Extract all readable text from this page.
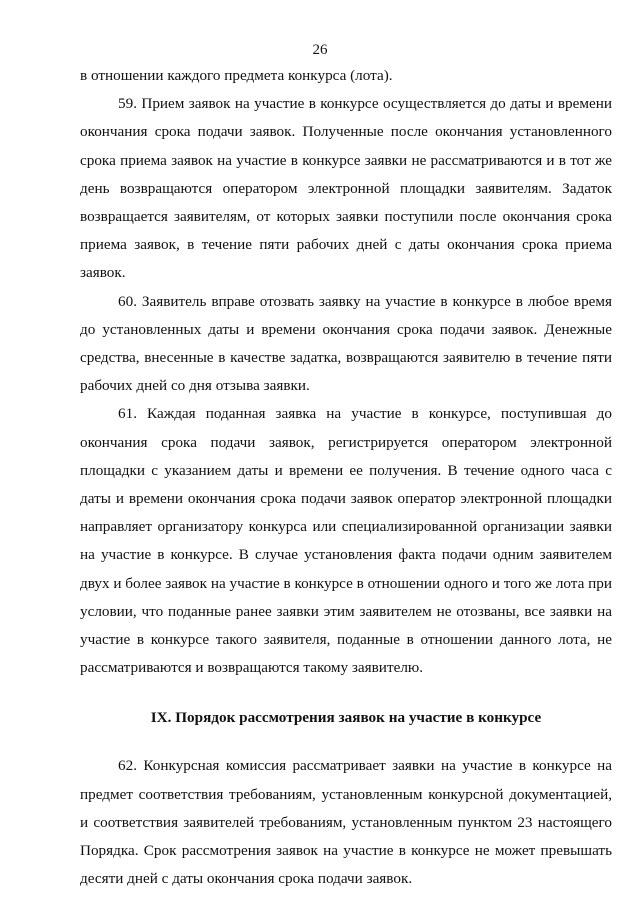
26

в отношении каждого предмета конкурса (лота).

59. Прием заявок на участие в конкурсе осуществляется до даты и времени окончания срока подачи заявок. Полученные после окончания установленного срока приема заявок на участие в конкурсе заявки не рассматриваются и в тот же день возвращаются оператором электронной площадки заявителям. Задаток возвращается заявителям, от которых заявки поступили после окончания срока приема заявок, в течение пяти рабочих дней с даты окончания срока приема заявок.

60. Заявитель вправе отозвать заявку на участие в конкурсе в любое время до установленных даты и времени окончания срока подачи заявок. Денежные средства, внесенные в качестве задатка, возвращаются заявителю в течение пяти рабочих дней со дня отзыва заявки.

61. Каждая поданная заявка на участие в конкурсе, поступившая до окончания срока подачи заявок, регистрируется оператором электронной площадки с указанием даты и времени ее получения. В течение одного часа с даты и времени окончания срока подачи заявок оператор электронной площадки направляет организатору конкурса или специализированной организации заявки на участие в конкурсе. В случае установления факта подачи одним заявителем двух и более заявок на участие в конкурсе в отношении одного и того же лота при условии, что поданные ранее заявки этим заявителем не отозваны, все заявки на участие в конкурсе такого заявителя, поданные в отношении данного лота, не рассматриваются и возвращаются такому заявителю.

IX. Порядок рассмотрения заявок на участие в конкурсе

62. Конкурсная комиссия рассматривает заявки на участие в конкурсе на предмет соответствия требованиям, установленным конкурсной документацией, и соответствия заявителей требованиям, установленным пунктом 23 настоящего Порядка. Срок рассмотрения заявок на участие в конкурсе не может превышать десяти дней с даты окончания срока подачи заявок.
